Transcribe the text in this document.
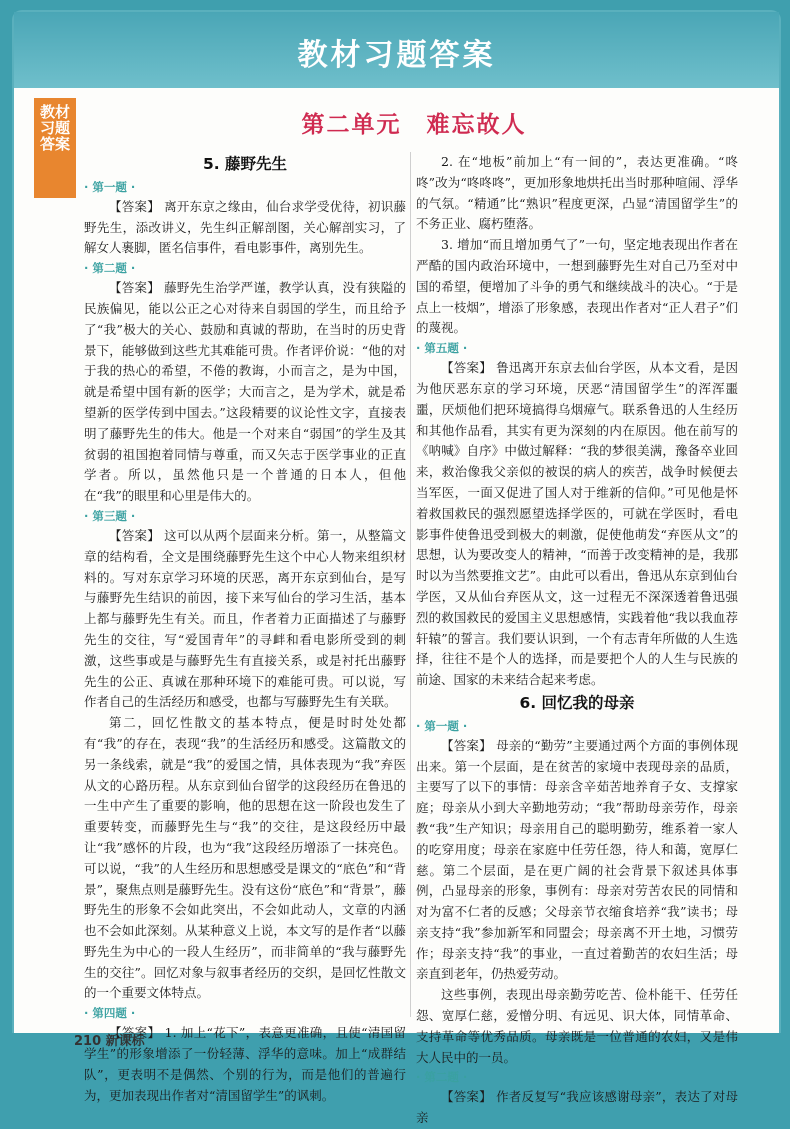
教材习题答案
教材习题答案
第二单元　难忘故人
5. 藤野先生

· 第一题 ·

【答案】 离开东京之缘由，仙台求学受优待，初识藤野先生，添改讲义，先生纠正解剖图，关心解剖实习，了解女人裹脚，匿名信事件，看电影事件，离别先生。

· 第二题 ·

【答案】 藤野先生治学严谨，教学认真，没有狭隘的民族偏见，能以公正之心对待来自弱国的学生，而且给予了“我”极大的关心、鼓励和真诚的帮助，在当时的历史背景下，能够做到这些尤其难能可贵。作者评价说：“他的对于我的热心的希望，不倦的教诲，小而言之，是为中国，就是希望中国有新的医学；大而言之，是为学术，就是希望新的医学传到中国去。”这段精要的议论性文字，直接表明了藤野先生的伟大。他是一个对来自“弱国”的学生及其贫弱的祖国抱着同情与尊重，而又矢志于医学事业的正直学者。所以，虽然他只是一个普通的日本人，但他在“我”的眼里和心里是伟大的。

· 第三题 ·

【答案】 这可以从两个层面来分析。第一，从整篇文章的结构看，全文是围绕藤野先生这个中心人物来组织材料的。写对东京学习环境的厌恶，离开东京到仙台，是写与藤野先生结识的前因，接下来写仙台的学习生活，基本上都与藤野先生有关。而且，作者着力正面描述了与藤野先生的交往，写“爱国青年”的寻衅和看电影所受到的刺激，这些事或是与藤野先生有直接关系，或是衬托出藤野先生的公正、真诚在那种环境下的难能可贵。可以说，写作者自己的生活经历和感受，也都与写藤野先生有关联。

第二，回忆性散文的基本特点，便是时时处处都有“我”的存在，表现“我”的生活经历和感受。这篇散文的另一条线索，就是“我”的爱国之情，具体表现为“我”弃医从文的心路历程。从东京到仙台留学的这段经历在鲁迅的一生中产生了重要的影响，他的思想在这一阶段也发生了重要转变，而藤野先生与“我”的交往，是这段经历中最让“我”感怀的片段，也为“我”这段经历增添了一抹亮色。可以说，“我”的人生经历和思想感受是课文的“底色”和“背景”，聚焦点则是藤野先生。没有这份“底色”和“背景”，藤野先生的形象不会如此突出，不会如此动人，文章的内涵也不会如此深刻。从某种意义上说，本文写的是作者“以藤野先生为中心的一段人生经历”，而非简单的“我与藤野先生的交往”。回忆对象与叙事者经历的交织，是回忆性散文的一个重要文体特点。

· 第四题 ·

【答案】 1. 加上“花下”，表意更准确，且使“清国留学生”的形象增添了一份轻薄、浮华的意味。加上“成群结队”，更表明不是偶然、个别的行为，而是他们的普遍行为，更加表现出作者对“清国留学生”的讽刺。

2. 在“地板”前加上“有一间的”，表达更准确。“咚咚”改为“咚咚咚”，更加形象地烘托出当时那种喧闹、浮华的气氛。“精通”比“熟识”程度更深，凸显“清国留学生”的不务正业、腐朽堕落。

3. 增加“而且增加勇气了”一句，坚定地表现出作者在严酷的国内政治环境中，一想到藤野先生对自己乃至对中国的希望，便增加了斗争的勇气和继续战斗的决心。“于是点上一枝烟”，增添了形象感，表现出作者对“正人君子”们的蔑视。

· 第五题 ·

【答案】 鲁迅离开东京去仙台学医，从本文看，是因为他厌恶东京的学习环境，厌恶“清国留学生”的浑浑噩噩，厌烦他们把环境搞得乌烟瘴气。联系鲁迅的人生经历和其他作品看，其实有更为深刻的内在原因。他在前写的《呐喊》自序》中做过解释：“我的梦很美满，豫备卒业回来，救治像我父亲似的被误的病人的疾苦，战争时候便去当军医，一面又促进了国人对于维新的信仰。”可见他是怀着救国救民的强烈愿望选择学医的，可就在学医时，看电影事件使鲁迅受到极大的刺激，促使他萌发“弃医从文”的思想，认为要改变人的精神，“而善于改变精神的是，我那时以为当然要推文艺”。由此可以看出，鲁迅从东京到仙台学医，又从仙台弃医从文，这一过程无不深深透着鲁迅强烈的救国救民的爱国主义思想感情，实践着他“我以我血荐轩辕”的誓言。我们要认识到，一个有志青年所做的人生选择，往往不是个人的选择，而是要把个人的人生与民族的前途、国家的未来结合起来考虑。

6. 回忆我的母亲

· 第一题 ·

【答案】 母亲的“勤劳”主要通过两个方面的事例体现出来。第一个层面，是在贫苦的家境中表现母亲的品质，主要写了以下的事情：母亲含辛茹苦地养育子女、支撑家庭；母亲从小到大辛勤地劳动；“我”帮助母亲劳作，母亲教“我”生产知识；母亲用自己的聪明勤劳，维系着一家人的吃穿用度；母亲在家庭中任劳任怨，待人和蔼，宽厚仁慈。第二个层面，是在更广阔的社会背景下叙述具体事例，凸显母亲的形象，事例有：母亲对劳苦农民的同情和对为富不仁者的反感；父母亲节衣缩食培养“我”读书；母亲支持“我”参加新军和同盟会；母亲离不开土地，习惯劳作；母亲支持“我”的事业，一直过着勤苦的农妇生活；母亲直到老年，仍热爱劳动。

这些事例，表现出母亲勤劳吃苦、俭朴能干、任劳任怨、宽厚仁慈，爱憎分明、有远见、识大体，同情革命、支持革命等优秀品质。母亲既是一位普通的农妇，又是伟大人民中的一员。

· 第二题 ·

【答案】 作者反复写“我应该感谢母亲”，表达了对母亲

210 新课标
